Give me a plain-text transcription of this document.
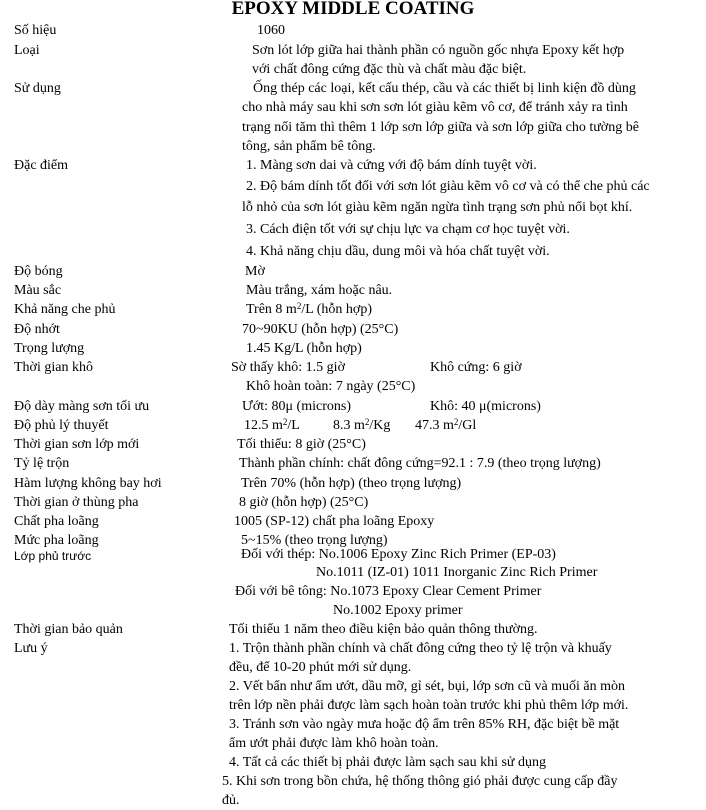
EPOXY MIDDLE COATING
Số hiệu
Loại
Sử dụng
Đặc điểm
Độ bóng
Màu sắc
Khả năng che phủ
Độ nhớt
Trọng lượng
Thời gian khô
Độ dày màng sơn tối ưu
Độ phủ lý thuyết
Thời gian sơn lớp mới
Tỷ lệ trộn
Hàm lượng không bay hơi
Thời gian ở thùng pha
Chất pha loãng
Mức pha loãng
Lớp phủ trước
Thời gian bảo quản
Lưu ý
1060
Sơn lót lớp giữa hai thành phần có nguồn gốc nhựa Epoxy kết hợp
với chất đông cứng đặc thù và chất màu đặc biệt.
Ống thép các loại, kết cấu thép, cầu và các thiết bị linh kiện đồ dùng
cho nhà máy sau khi sơn sơn lót giàu kẽm vô cơ, để tránh xảy ra tình
trạng nổi tăm thì thêm 1 lớp sơn lớp giữa và sơn lớp giữa cho tường bê
tông, sản phẩm bê tông.
1. Màng sơn dai và cứng với độ bám dính tuyệt vời.
2. Độ bám dính tốt đối với sơn lót giàu kẽm vô cơ và có thể che phủ các
lỗ nhỏ của sơn lót giàu kẽm ngăn ngừa tình trạng sơn phủ nổi bọt khí.
3. Cách điện tốt với sự chịu lực va chạm cơ học tuyệt vời.
4. Khả năng chịu dầu, dung môi và hóa chất tuyệt vời.
Mờ
Màu trắng, xám hoặc nâu.
Trên 8 $m^2/L$ (hỗn hợp)
70~90KU (hỗn hợp) (25°C)
1.45 Kg/L (hỗn hợp)
Sờ thấy khô: 1.5 giờ	Khô cứng: 6 giờ
Khô hoàn toàn: 7 ngày (25°C)
Ướt: 80μ (microns)	Khô: 40 μ(microns)
12.5 $m^2/L$ 8.3 $m^2/Kg$ 47.3 $m^2/Gl$
Tối thiểu: 8 giờ (25°C)
Thành phần chính: chất đông cứng=92.1 : 7.9 (theo trọng lượng)
Trên 70% (hỗn hợp) (theo trọng lượng)
8 giờ (hỗn hợp) (25°C)
1005 (SP-12) chất pha loãng Epoxy
5~15% (theo trọng lượng)
Đối với thép: No.1006 Epoxy Zinc Rich Primer (EP-03)
No.1011 (IZ-01) 1011 Inorganic Zinc Rich Primer
Đối với bê tông: No.1073 Epoxy Clear Cement Primer
No.1002 Epoxy primer
Tối thiểu 1 năm theo điều kiện bảo quản thông thường.
1. Trộn thành phần chính và chất đông cứng theo tỷ lệ trộn và khuấy
đều, để 10-20 phút mới sử dụng.
2. Vết bẩn như ẩm ướt, dầu mỡ, gỉ sét, bụi, lớp sơn cũ và muối ăn mòn
trên lớp nền phải được làm sạch hoàn toàn trước khi phủ thêm lớp mới.
3. Tránh sơn vào ngày mưa hoặc độ ẩm trên 85% RH, đặc biệt bề mặt
ẩm ướt phải được làm khô hoàn toàn.
4. Tất cả các thiết bị phải được làm sạch sau khi sử dụng
5. Khi sơn trong bồn chứa, hệ thống thông gió phải được cung cấp đầy
đủ.
